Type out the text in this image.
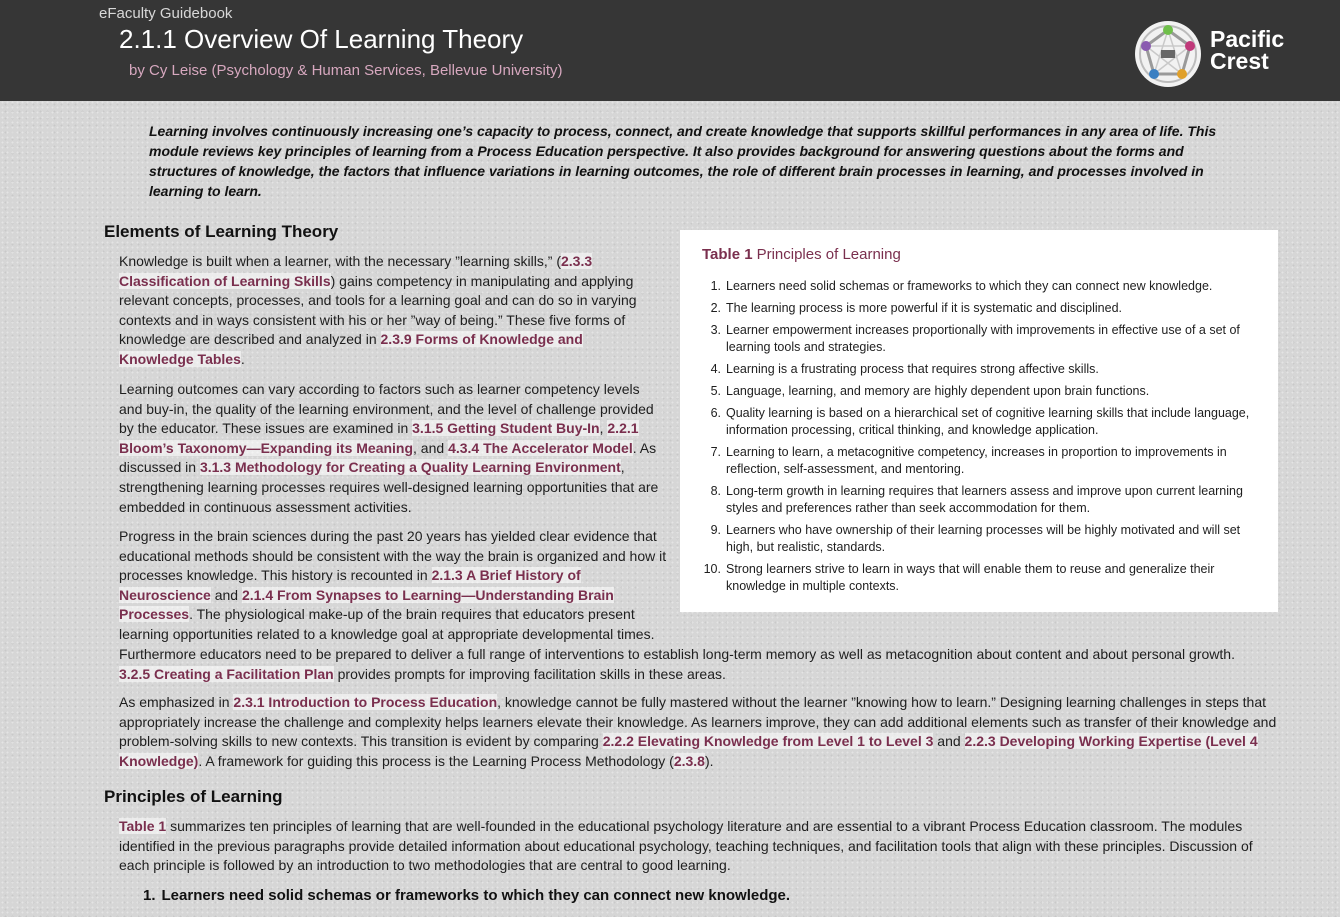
eFaculty Guidebook
2.1.1 Overview Of Learning Theory
by Cy Leise (Psychology & Human Services, Bellevue University)
Pacific
Crest

Learning involves continuously increasing one’s capacity to process, connect, and create knowledge that supports skillful performances in any area of life. This module reviews key principles of learning from a Process Education perspective. It also provides background for answering questions about the forms and structures of knowledge, the factors that influence variations in learning outcomes, the role of different brain processes in learning, and processes involved in learning to learn.

Elements of Learning Theory

Knowledge is built when a learner, with the necessary ”learning skills,” (2.3.3 Classification of Learning Skills) gains competency in manipulating and applying relevant concepts, processes, and tools for a learning goal and can do so in varying contexts and in ways consistent with his or her ”way of being.” These five forms of knowledge are described and analyzed in 2.3.9 Forms of Knowledge and Knowledge Tables.

Learning outcomes can vary according to factors such as learner competency levels and buy-in, the quality of the learning environment, and the level of challenge provided by the educator. These issues are examined in 3.1.5 Getting Student Buy-In, 2.2.1 Bloom’s Taxonomy—Expanding its Meaning, and 4.3.4 The Accelerator Model. As discussed in 3.1.3 Methodology for Creating a Quality Learning Environment, strengthening learning processes requires well-designed learning opportunities that are embedded in continuous assessment activities.

Progress in the brain sciences during the past 20 years has yielded clear evidence that educational methods should be consistent with the way the brain is organized and how it processes knowledge. This history is recounted in 2.1.3 A Brief History of Neuroscience and 2.1.4 From Synapses to Learning—Understanding Brain Processes. The physiological make-up of the brain requires that educators present learning opportunities related to a knowledge goal at appropriate developmental times.

Furthermore educators need to be prepared to deliver a full range of interventions to establish long-term memory as well as metacognition about content and about personal growth.
3.2.5 Creating a Facilitation Plan provides prompts for improving facilitation skills in these areas.

As emphasized in 2.3.1 Introduction to Process Education, knowledge cannot be fully mastered without the learner ”knowing how to learn.” Designing learning challenges in steps that appropriately increase the challenge and complexity helps learners elevate their knowledge. As learners improve, they can add additional elements such as transfer of their knowledge and problem-solving skills to new contexts. This transition is evident by comparing 2.2.2 Elevating Knowledge from Level 1 to Level 3 and 2.2.3 Developing Working Expertise (Level 4 Knowledge). A framework for guiding this process is the Learning Process Methodology (2.3.8).

Principles of Learning

Table 1 summarizes ten principles of learning that are well-founded in the educational psychology literature and are essential to a vibrant Process Education classroom. The modules identified in the previous paragraphs provide detailed information about educational psychology, teaching techniques, and facilitation tools that align with these principles. Discussion of each principle is followed by an introduction to two methodologies that are central to good learning.

1. Learners need solid schemas or frameworks to which they can connect new knowledge.
Table 1 Principles of Learning
1. Learners need solid schemas or frameworks to which they can connect new knowledge.
2. The learning process is more powerful if it is systematic and disciplined.
3. Learner empowerment increases proportionally with improvements in effective use of a set of learning tools and strategies.
4. Learning is a frustrating process that requires strong affective skills.
5. Language, learning, and memory are highly dependent upon brain functions.
6. Quality learning is based on a hierarchical set of cognitive learning skills that include language, information processing, critical thinking, and knowledge application.
7. Learning to learn, a metacognitive competency, increases in proportion to improvements in reflection, self-assessment, and mentoring.
8. Long-term growth in learning requires that learners assess and improve upon current learning styles and preferences rather than seek accommodation for them.
9. Learners who have ownership of their learning processes will be highly motivated and will set high, but realistic, standards.
10. Strong learners strive to learn in ways that will enable them to reuse and generalize their knowledge in multiple contexts.
